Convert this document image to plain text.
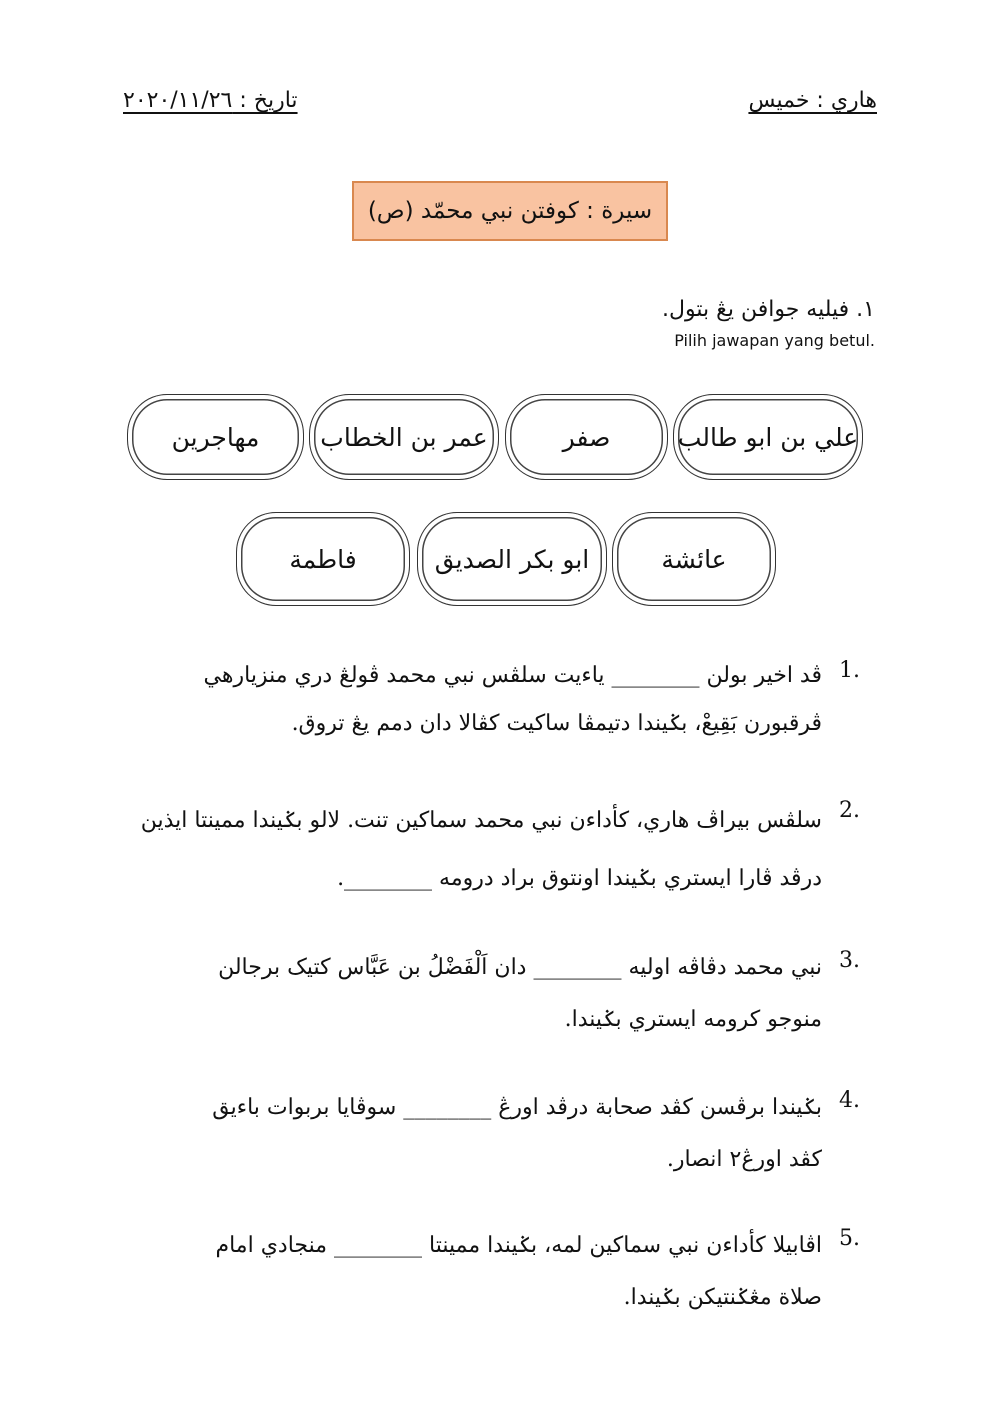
هاري : خميس
تاريخ : ٢٠٢٠/١١/٢٦
سيرة : كوفتن نبي محمّد (ص)
١. فيليه جوافن يڠ بتول.
Pilih jawapan yang betul.
علي بن ابو طالب
صفر
عمر بن الخطاب
مهاجرين
عائشة
ابو بكر الصديق
فاطمة
1.
ڤد اخير بولن ________ ياءيت سلڤس نبي محمد ڤولڠ دري منزيارهي
ڤرقبورن بَقِيعْ، بݢيندا دتيمڤا ساكيت كڤالا دان دمم يڠ تروق.
2.
سلڤس بيراڤ هاري، كأداءن نبي محمد سماكين تنت. لالو بݢيندا ممينتا ايذين
درڤد ڤارا ايستري بݢيندا اونتوق براد درومه ________.
3.
نبي محمد دڤاڤه اوليه ________ دان اَلْفَضْلُ بن عَبَّاس كتيک برجالن
منوجو كرومه ايستري بݢيندا.
4.
بݢيندا برڤسن كڤد صحابة درڤد اورڠ ________ سوڤايا بربوات باءيق
كڤد اورڠ٢ انصار.
5.
اڤابيلا كأداءن نبي سماكين لمه، بݢيندا ممينتا ________ منجادي امام
صلاة مڠݢنتيكن بݢيندا.
